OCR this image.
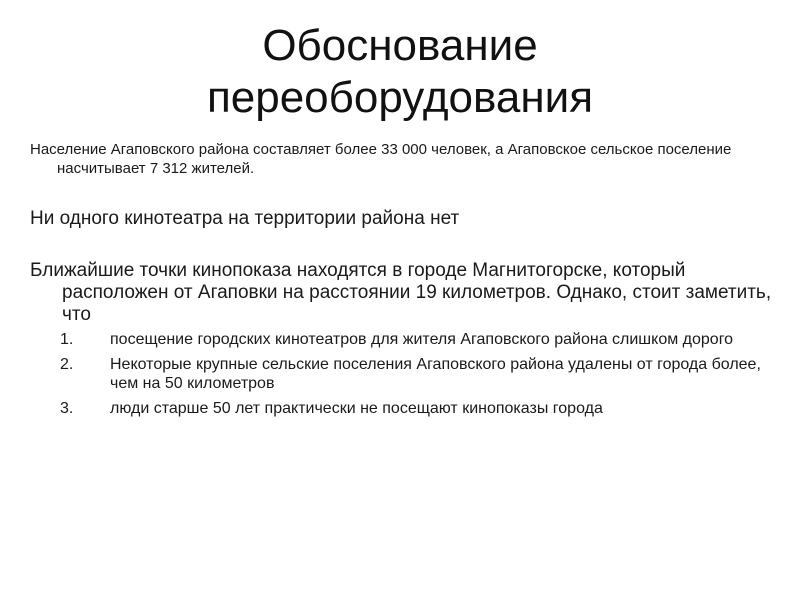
Обоснование
переоборудования

Население Агаповского района составляет более 33 000 человек, а Агаповское сельское поселение насчитывает 7 312 жителей.

Ни одного кинотеатра на территории района нет

Ближайшие точки кинопоказа находятся в городе Магнитогорске, который расположен от Агаповки на расстоянии 19 километров. Однако, стоит заметить, что

1. посещение городских кинотеатров для жителя Агаповского района слишком дорого
2. Некоторые крупные сельские поселения Агаповского района удалены от города более, чем на 50 километров
3. люди старше 50 лет практически не посещают кинопоказы города
